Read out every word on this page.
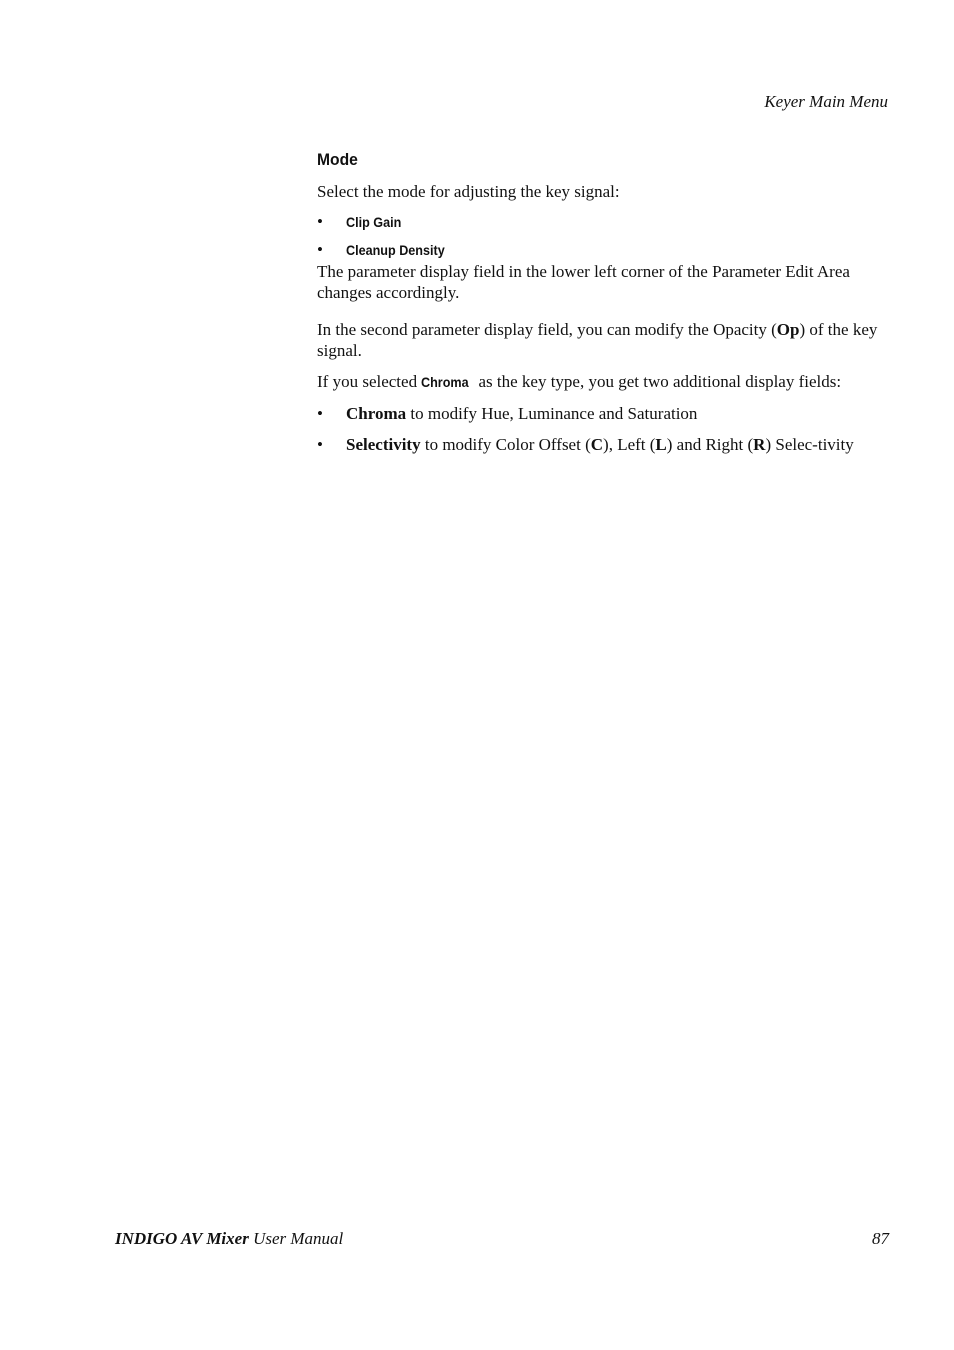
Keyer Main Menu
Mode

Select the mode for adjusting the key signal:

• Clip Gain
• Cleanup Density

The parameter display field in the lower left corner of the Parameter Edit Area changes accordingly.

In the second parameter display field, you can modify the Opacity (Op) of the key signal.

If you selected Chroma as the key type, you get two additional display fields:

• Chroma to modify Hue, Luminance and Saturation
• Selectivity to modify Color Offset (C), Left (L) and Right (R) Selec-tivity
INDIGO AV Mixer User Manual	87
